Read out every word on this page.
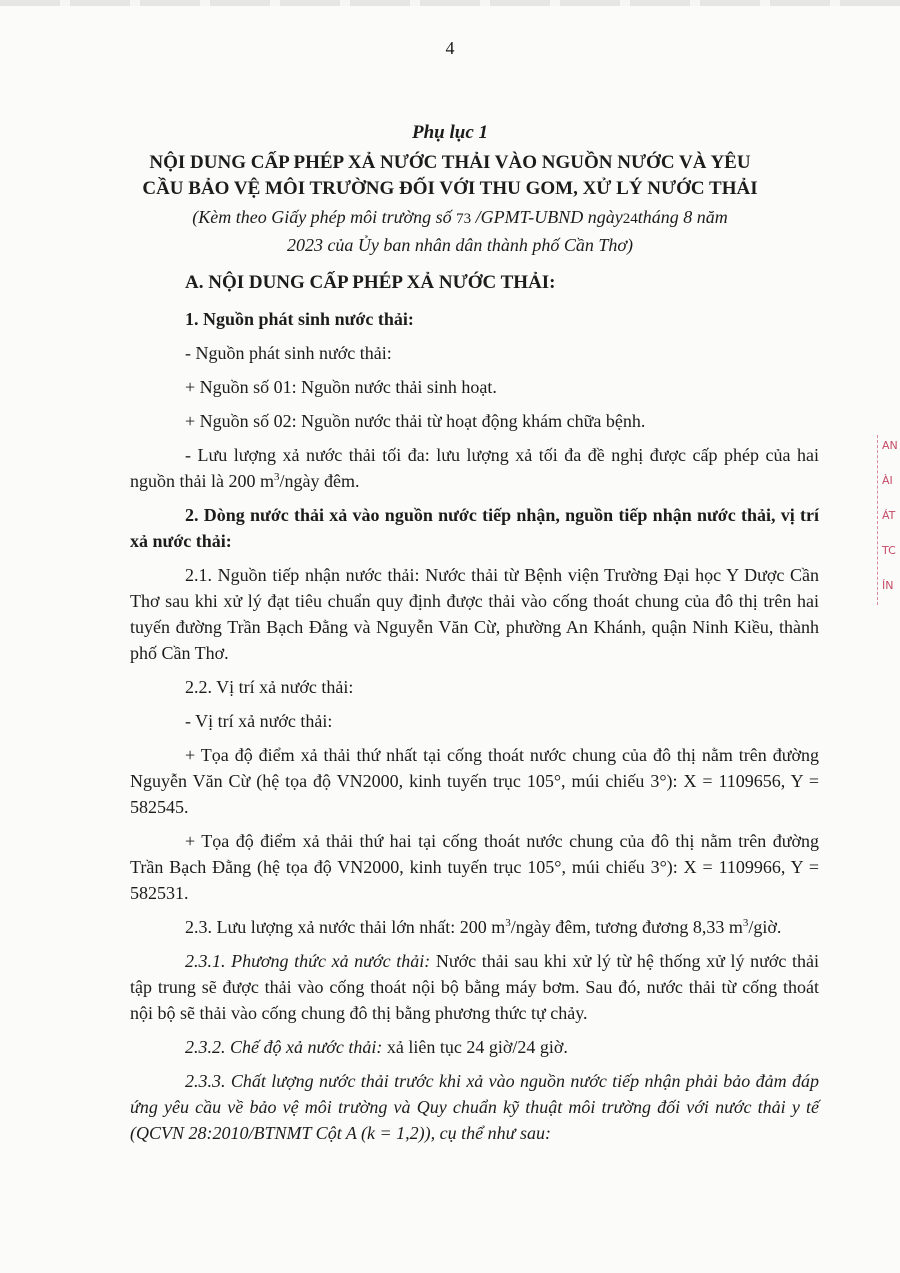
4
Phụ lục 1
NỘI DUNG CẤP PHÉP XẢ NƯỚC THẢI VÀO NGUỒN NƯỚC VÀ YÊU
CẦU BẢO VỆ MÔI TRƯỜNG ĐỐI VỚI THU GOM, XỬ LÝ NƯỚC THẢI
(Kèm theo Giấy phép môi trường số 73 /GPMT-UBND ngày24tháng 8 năm
2023 của Ủy ban nhân dân thành phố Cần Thơ)

A. NỘI DUNG CẤP PHÉP XẢ NƯỚC THẢI:

1. Nguồn phát sinh nước thải:

- Nguồn phát sinh nước thải:

+ Nguồn số 01: Nguồn nước thải sinh hoạt.

+ Nguồn số 02: Nguồn nước thải từ hoạt động khám chữa bệnh.

- Lưu lượng xả nước thải tối đa: lưu lượng xả tối đa đề nghị được cấp phép của hai nguồn thải là 200 $m^3$/ngày đêm.

2. Dòng nước thải xả vào nguồn nước tiếp nhận, nguồn tiếp nhận nước thải, vị trí xả nước thải:

2.1. Nguồn tiếp nhận nước thải: Nước thải từ Bệnh viện Trường Đại học Y Dược Cần Thơ sau khi xử lý đạt tiêu chuẩn quy định được thải vào cống thoát chung của đô thị trên hai tuyến đường Trần Bạch Đằng và Nguyễn Văn Cừ, phường An Khánh, quận Ninh Kiều, thành phố Cần Thơ.

2.2. Vị trí xả nước thải:

- Vị trí xả nước thải:

+ Tọa độ điểm xả thải thứ nhất tại cống thoát nước chung của đô thị nằm trên đường Nguyễn Văn Cừ (hệ tọa độ VN2000, kinh tuyến trục 105°, múi chiếu 3°): X = 1109656, Y = 582545.

+ Tọa độ điểm xả thải thứ hai tại cống thoát nước chung của đô thị nằm trên đường Trần Bạch Đằng (hệ tọa độ VN2000, kinh tuyến trục 105°, múi chiếu 3°): X = 1109966, Y = 582531.

2.3. Lưu lượng xả nước thải lớn nhất: 200 $m^3$/ngày đêm, tương đương 8,33 $m^3$/giờ.

2.3.1. Phương thức xả nước thải: Nước thải sau khi xử lý từ hệ thống xử lý nước thải tập trung sẽ được thải vào cống thoát nội bộ bằng máy bơm. Sau đó, nước thải từ cống thoát nội bộ sẽ thải vào cống chung đô thị bằng phương thức tự chảy.

2.3.2. Chế độ xả nước thải: xả liên tục 24 giờ/24 giờ.

2.3.3. Chất lượng nước thải trước khi xả vào nguồn nước tiếp nhận phải bảo đảm đáp ứng yêu cầu về bảo vệ môi trường và Quy chuẩn kỹ thuật môi trường đối với nước thải y tế (QCVN 28:2010/BTNMT Cột A (k = 1,2)), cụ thể như sau:

AN
ÀI
ÁT
TC
ÍN
